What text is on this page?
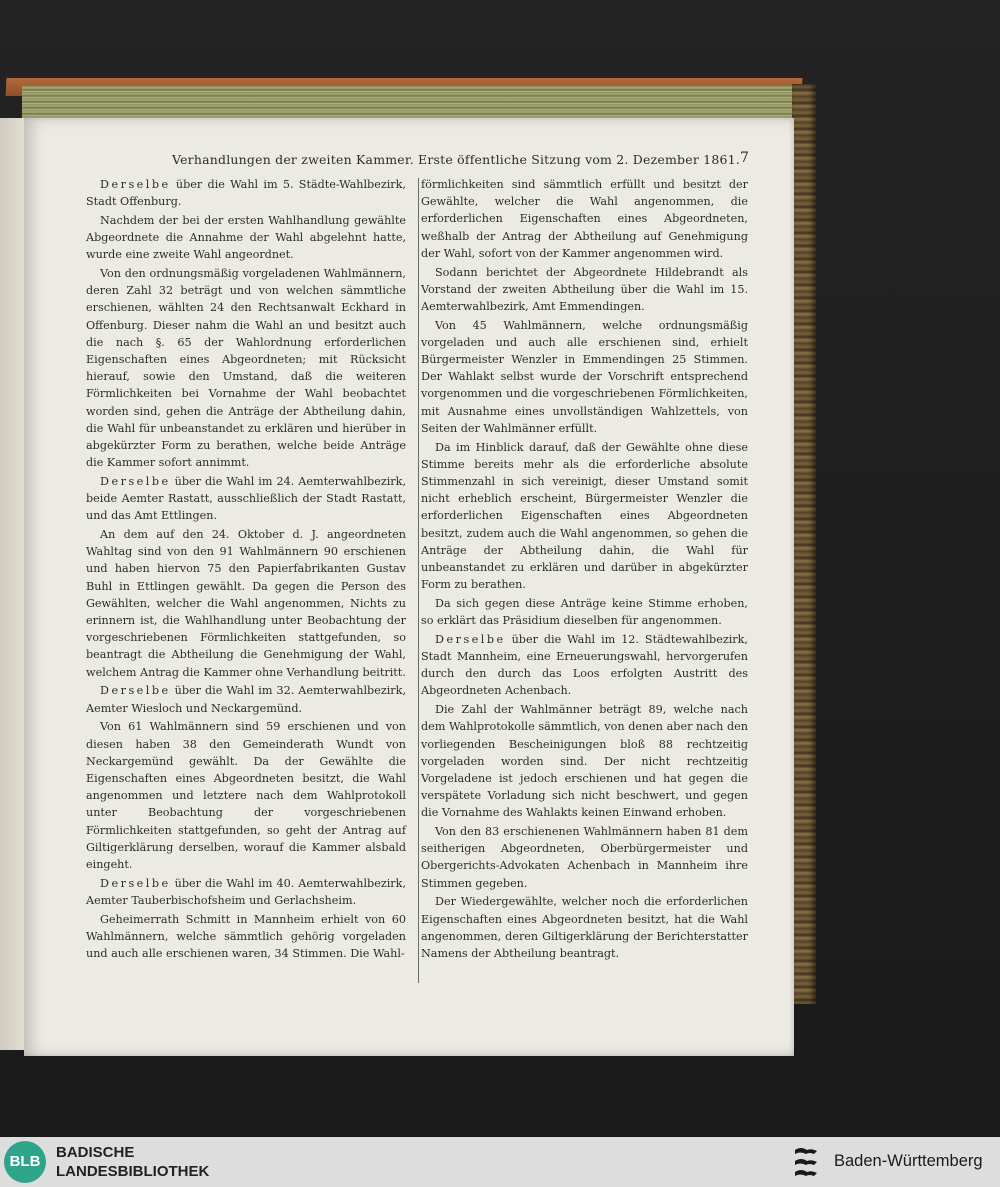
Verhandlungen der zweiten Kammer. Erste öffentliche Sitzung vom 2. Dezember 1861. 7

Derselbe über die Wahl im 5. Städte-Wahlbezirk, Stadt Offenburg.

Nachdem der bei der ersten Wahlhandlung gewählte Abgeordnete die Annahme der Wahl abgelehnt hatte, wurde eine zweite Wahl angeordnet.

Von den ordnungsmäßig vorgeladenen Wahlmännern, deren Zahl 32 beträgt und von welchen sämmtliche erschienen, wählten 24 den Rechtsanwalt Eckhard in Offenburg. Dieser nahm die Wahl an und besitzt auch die nach §. 65 der Wahlordnung erforderlichen Eigenschaften eines Abgeordneten; mit Rücksicht hierauf, sowie den Umstand, daß die weiteren Förmlichkeiten bei Vornahme der Wahl beobachtet worden sind, gehen die Anträge der Abtheilung dahin, die Wahl für unbeanstandet zu erklären und hierüber in abgekürzter Form zu berathen, welche beide Anträge die Kammer sofort annimmt.

Derselbe über die Wahl im 24. Aemterwahlbezirk, beide Aemter Rastatt, ausschließlich der Stadt Rastatt, und das Amt Ettlingen.

An dem auf den 24. Oktober d. J. angeordneten Wahltag sind von den 91 Wahlmännern 90 erschienen und haben hiervon 75 den Papierfabrikanten Gustav Buhl in Ettlingen gewählt. Da gegen die Person des Gewählten, welcher die Wahl angenommen, Nichts zu erinnern ist, die Wahlhandlung unter Beobachtung der vorgeschriebenen Förmlichkeiten stattgefunden, so beantragt die Abtheilung die Genehmigung der Wahl, welchem Antrag die Kammer ohne Verhandlung beitritt.

Derselbe über die Wahl im 32. Aemterwahlbezirk, Aemter Wiesloch und Neckargemünd.

Von 61 Wahlmännern sind 59 erschienen und von diesen haben 38 den Gemeinderath Wundt von Neckargemünd gewählt. Da der Gewählte die Eigenschaften eines Abgeordneten besitzt, die Wahl angenommen und letztere nach dem Wahlprotokoll unter Beobachtung der vorgeschriebenen Förmlichkeiten stattgefunden, so geht der Antrag auf Giltigerklärung derselben, worauf die Kammer alsbald eingeht.

Derselbe über die Wahl im 40. Aemterwahlbezirk, Aemter Tauberbischofsheim und Gerlachsheim.

Geheimerrath Schmitt in Mannheim erhielt von 60 Wahlmännern, welche sämmtlich gehörig vorgeladen und auch alle erschienen waren, 34 Stimmen. Die Wahl-

förmlichkeiten sind sämmtlich erfüllt und besitzt der Gewählte, welcher die Wahl angenommen, die erforderlichen Eigenschaften eines Abgeordneten, weßhalb der Antrag der Abtheilung auf Genehmigung der Wahl, sofort von der Kammer angenommen wird.

Sodann berichtet der Abgeordnete Hildebrandt als Vorstand der zweiten Abtheilung über die Wahl im 15. Aemterwahlbezirk, Amt Emmendingen.

Von 45 Wahlmännern, welche ordnungsmäßig vorgeladen und auch alle erschienen sind, erhielt Bürgermeister Wenzler in Emmendingen 25 Stimmen. Der Wahlakt selbst wurde der Vorschrift entsprechend vorgenommen und die vorgeschriebenen Förmlichkeiten, mit Ausnahme eines unvollständigen Wahlzettels, von Seiten der Wahlmänner erfüllt.

Da im Hinblick darauf, daß der Gewählte ohne diese Stimme bereits mehr als die erforderliche absolute Stimmenzahl in sich vereinigt, dieser Umstand somit nicht erheblich erscheint, Bürgermeister Wenzler die erforderlichen Eigenschaften eines Abgeordneten besitzt, zudem auch die Wahl angenommen, so gehen die Anträge der Abtheilung dahin, die Wahl für unbeanstandet zu erklären und darüber in abgekürzter Form zu berathen.

Da sich gegen diese Anträge keine Stimme erhoben, so erklärt das Präsidium dieselben für angenommen.

Derselbe über die Wahl im 12. Städtewahlbezirk, Stadt Mannheim, eine Erneuerungswahl, hervorgerufen durch den durch das Loos erfolgten Austritt des Abgeordneten Achenbach.

Die Zahl der Wahlmänner beträgt 89, welche nach dem Wahlprotokolle sämmtlich, von denen aber nach den vorliegenden Bescheinigungen bloß 88 rechtzeitig vorgeladen worden sind. Der nicht rechtzeitig Vorgeladene ist jedoch erschienen und hat gegen die verspätete Vorladung sich nicht beschwert, und gegen die Vornahme des Wahlakts keinen Einwand erhoben.

Von den 83 erschienenen Wahlmännern haben 81 dem seitherigen Abgeordneten, Oberbürgermeister und Obergerichts-Advokaten Achenbach in Mannheim ihre Stimmen gegeben.

Der Wiedergewählte, welcher noch die erforderlichen Eigenschaften eines Abgeordneten besitzt, hat die Wahl angenommen, deren Giltigerklärung der Berichterstatter Namens der Abtheilung beantragt.

BLB
BADISCHE
LANDESBIBLIOTHEK
Baden-Württemberg
